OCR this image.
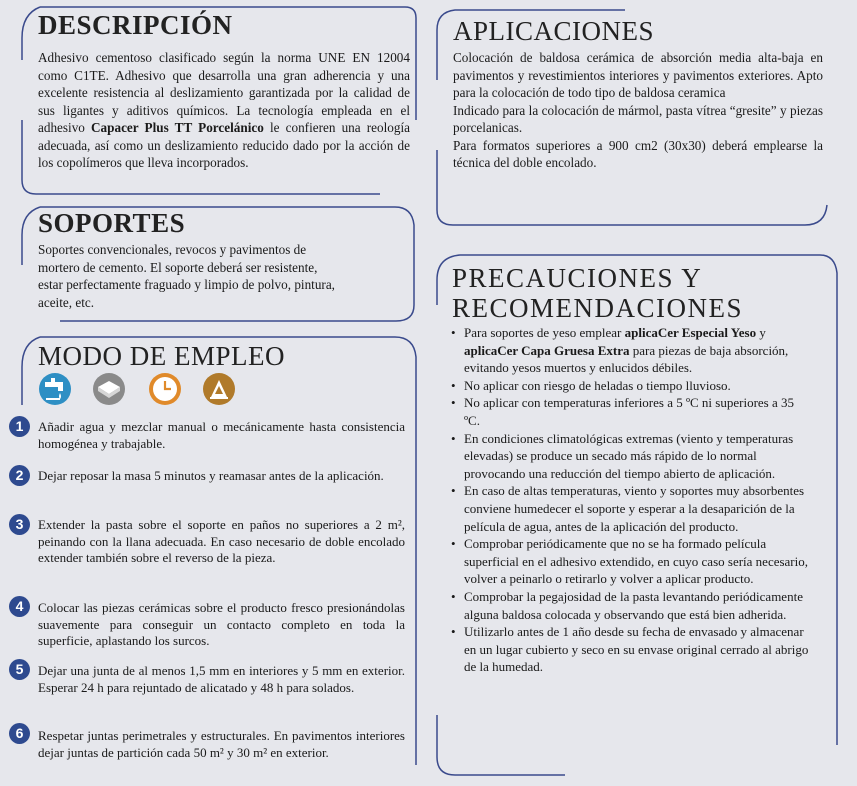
DESCRIPCIÓN

Adhesivo cementoso clasificado según la norma UNE EN 12004 como C1TE. Adhesivo que desarrolla una gran adherencia y una excelente resistencia al deslizamiento garantizada por la calidad de sus ligantes y aditivos químicos. La tecnología empleada en el adhesivo Capacer Plus TT Porcelánico le confieren una reología adecuada, así como un deslizamiento reducido dado por la acción de los copolímeros que lleva incorporados.

SOPORTES
Soportes convencionales, revocos y pavimentos de
mortero de cemento. El soporte deberá ser resistente,
estar perfectamente fraguado y limpio de polvo, pintura,
aceite, etc.
MODO DE EMPLEO
1	Añadir agua y mezclar manual o mecánicamente hasta consistencia homogénea y trabajable.
2	Dejar reposar la masa 5 minutos y reamasar antes de la aplicación.
3	Extender la pasta sobre el soporte en paños no superiores a 2 m², peinando con la llana adecuada. En caso necesario de doble encolado extender también sobre el reverso de la pieza.
4	Colocar las piezas cerámicas sobre el producto fresco presionándolas suavemente para conseguir un contacto completo en toda la superficie, aplastando los surcos.
5	Dejar una junta de al menos 1,5 mm en interiores y 5 mm en exterior. Esperar 24 h para rejuntado de alicatado y 48 h para solados.
6	Respetar juntas perimetrales y estructurales. En pavimentos interiores dejar juntas de partición cada 50 m² y 30 m² en exterior.
APLICACIONES
Colocación de baldosa cerámica de absorción media alta-baja en pavimentos y revestimientos interiores y pavimentos exteriores. Apto para la colocación de todo tipo de baldosa ceramica
Indicado para la colocación de mármol, pasta vítrea “gresite” y piezas porcelanicas.
Para formatos superiores a 900 cm2 (30x30) deberá emplearse la técnica del doble encolado.
PRECAUCIONES Y
RECOMENDACIONES
• Para soportes de yeso emplear aplicaCer Especial Yeso y aplicaCer Capa Gruesa Extra para piezas de baja absorción, evitando yesos muertos y enlucidos débiles.
• No aplicar con riesgo de heladas o tiempo lluvioso.
• No aplicar con temperaturas inferiores a 5 ºC ni superiores a 35 ºC.
• En condiciones climatológicas extremas (viento y temperaturas elevadas) se produce un secado más rápido de lo normal provocando una reducción del tiempo abierto de aplicación.
• En caso de altas temperaturas, viento y soportes muy absorbentes conviene humedecer el soporte y esperar a la desaparición de la película de agua, antes de la aplicación del producto.
• Comprobar periódicamente que no se ha formado película superficial en el adhesivo extendido, en cuyo caso sería necesario, volver a peinarlo o retirarlo y volver a aplicar producto.
• Comprobar la pegajosidad de la pasta levantando periódicamente alguna baldosa colocada y observando que está bien adherida.
• Utilizarlo antes de 1 año desde su fecha de envasado y almacenar en un lugar cubierto y seco en su envase original cerrado al abrigo de la humedad.
